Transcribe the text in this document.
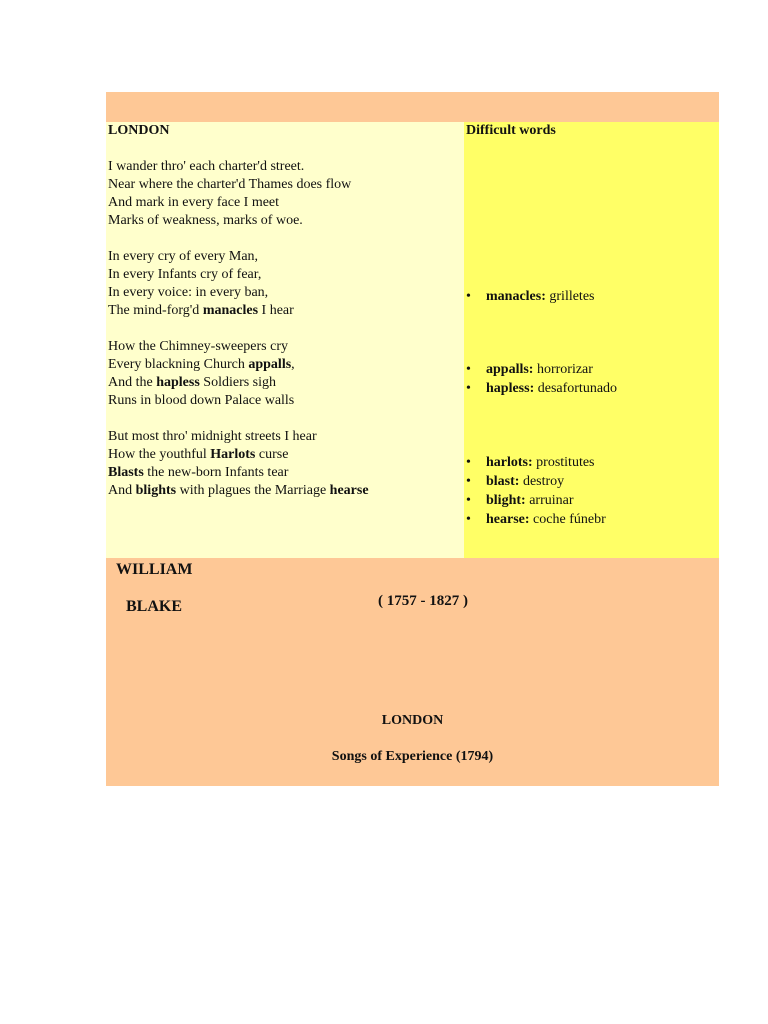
LONDON
I wander thro' each charter'd street.
Near where the charter'd Thames does flow
And mark in every face I meet
Marks of weakness, marks of woe.
In every cry of every Man,
In every Infants cry of fear,
In every voice: in every ban,
The mind-forg'd manacles I hear
How the Chimney-sweepers cry
Every blackning Church appalls,
And the hapless Soldiers sigh
Runs in blood down Palace walls
But most thro' midnight streets I hear
How the youthful Harlots curse
Blasts the new-born Infants tear
And blights with plagues the Marriage hearse
Difficult words
• manacles: grilletes
• appalls: horrorizar
• hapless: desafortunado
• harlots: prostitutes
• blast: destroy
• blight: arruinar
• hearse: coche fúnebr
WILLIAM
BLAKE	( 1757 - 1827 )
LONDON
Songs of Experience (1794)
